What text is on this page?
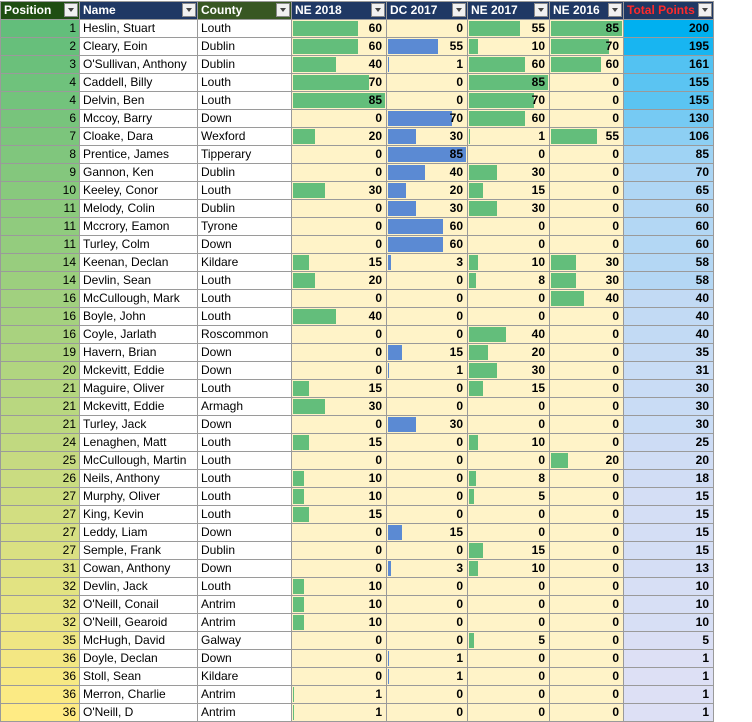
Position	Name	County	NE 2018	DC 2017	NE 2017	NE 2016	Total Points

1	Heslin, Stuart	Louth	60	0	55	85	200
2	Cleary, Eoin	Dublin	60	55	10	70	195
3	O'Sullivan, Anthony	Dublin	40	1	60	60	161
4	Caddell, Billy	Louth	70	0	85	0	155
4	Delvin, Ben	Louth	85	0	70	0	155
6	Mccoy, Barry	Down	0	70	60	0	130
7	Cloake, Dara	Wexford	20	30	1	55	106
8	Prentice, James	Tipperary	0	85	0	0	85
9	Gannon, Ken	Dublin	0	40	30	0	70
10	Keeley, Conor	Louth	30	20	15	0	65
11	Melody, Colin	Dublin	0	30	30	0	60
11	Mccrory, Eamon	Tyrone	0	60	0	0	60
11	Turley, Colm	Down	0	60	0	0	60
14	Keenan, Declan	Kildare	15	3	10	30	58
14	Devlin, Sean	Louth	20	0	8	30	58
16	McCullough, Mark	Louth	0	0	0	40	40
16	Boyle, John	Louth	40	0	0	0	40
16	Coyle, Jarlath	Roscommon	0	0	40	0	40
19	Havern, Brian	Down	0	15	20	0	35
20	Mckevitt, Eddie	Down	0	1	30	0	31
21	Maguire, Oliver	Louth	15	0	15	0	30
21	Mckevitt, Eddie	Armagh	30	0	0	0	30
21	Turley, Jack	Down	0	30	0	0	30
24	Lenaghen, Matt	Louth	15	0	10	0	25
25	McCullough, Martin	Louth	0	0	0	20	20
26	Neils, Anthony	Louth	10	0	8	0	18
27	Murphy, Oliver	Louth	10	0	5	0	15
27	King, Kevin	Louth	15	0	0	0	15
27	Leddy, Liam	Down	0	15	0	0	15
27	Semple, Frank	Dublin	0	0	15	0	15
31	Cowan, Anthony	Down	0	3	10	0	13
32	Devlin, Jack	Louth	10	0	0	0	10
32	O'Neill, Conail	Antrim	10	0	0	0	10
32	O'Neill, Gearoid	Antrim	10	0	0	0	10
35	McHugh, David	Galway	0	0	5	0	5
36	Doyle, Declan	Down	0	1	0	0	1
36	Stoll, Sean	Kildare	0	1	0	0	1
36	Merron, Charlie	Antrim	1	0	0	0	1
36	O'Neill, D	Antrim	1	0	0	0	1
